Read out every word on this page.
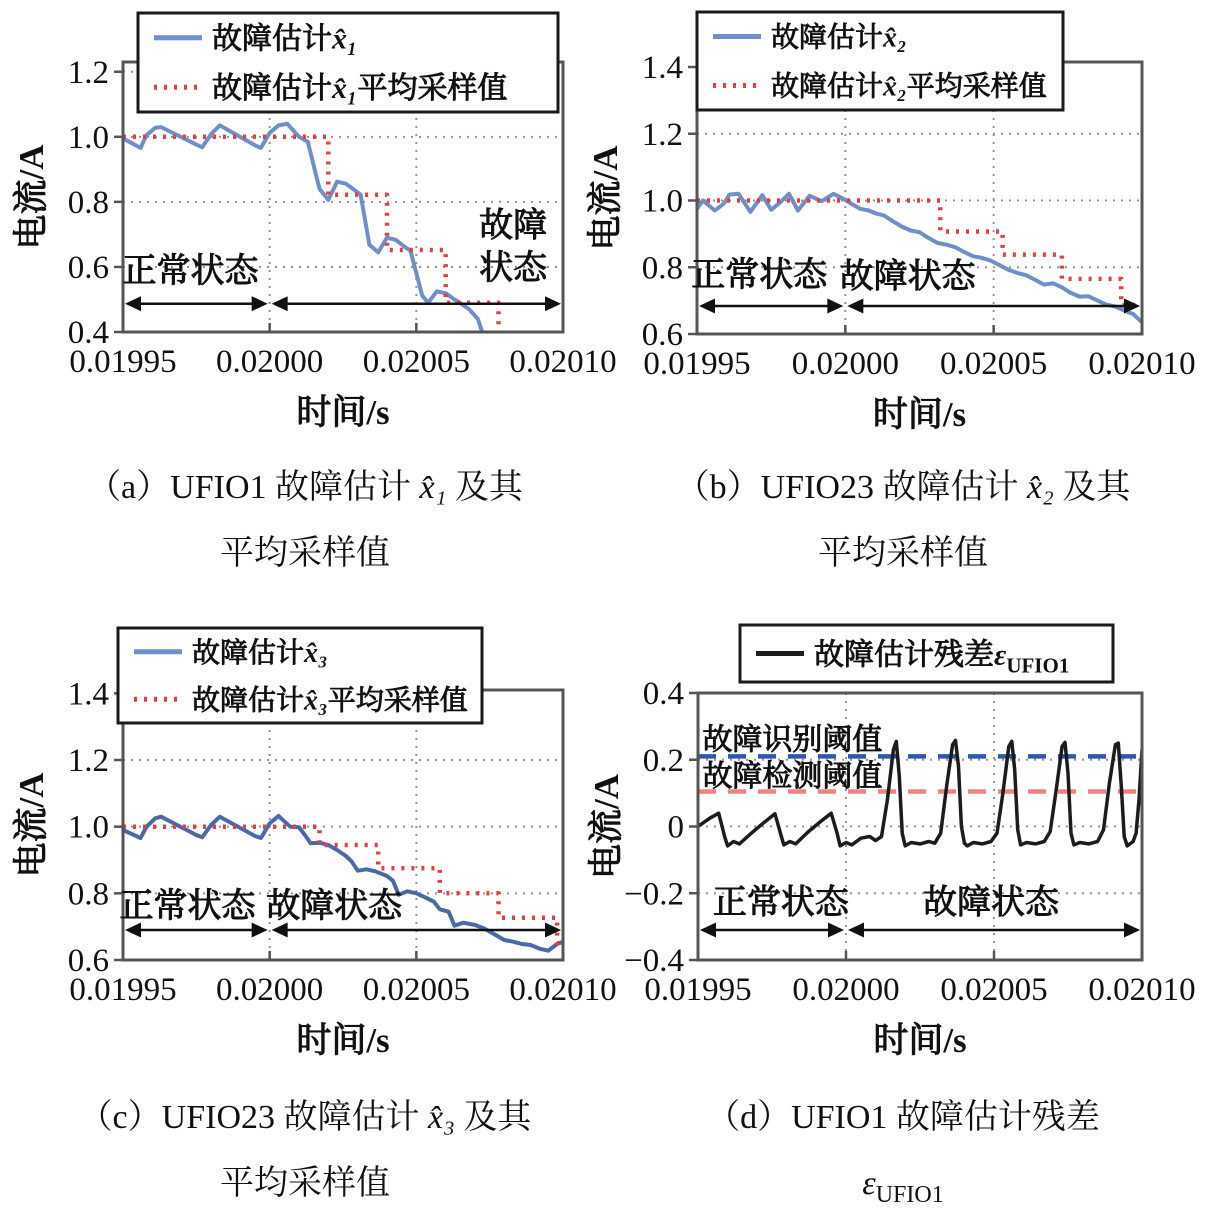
0.01995 0.02000 0.02005 0.02010
0.4
0.6
0.8
1.0
1.2
时间/s
电流/A
正常状态
故障
状态
故障估计x̂₁
故障估计x̂₁平均采样值
0.01995 0.02000 0.02005 0.02010
0.6
0.8
1.0
1.2
1.4
时间/s
电流/A
正常状态 故障状态
故障估计x̂₂
故障估计x̂₂平均采样值
0.01995 0.02000 0.02005 0.02010
0.6
0.8
1.0
1.2
1.4
时间/s
电流/A
正常状态 故障状态
故障估计x̂₃
故障估计x̂₃平均采样值
0.01995 0.02000 0.02005 0.02010
−0.4
−0.2
0
0.2
0.4
时间/s
电流/A
故障识别阈值
故障检测阈值
正常状态 故障状态
故障估计残差$\varepsilon_{UFIO1}$
（a）UFIO1 故障估计 x̂₁ 及其
平均采样值
（b）UFIO23 故障估计 x̂₂ 及其
平均采样值
（c）UFIO23 故障估计 x̂₃ 及其
平均采样值
（d）UFIO1 故障估计残差
$\varepsilon_{UFIO1}$
